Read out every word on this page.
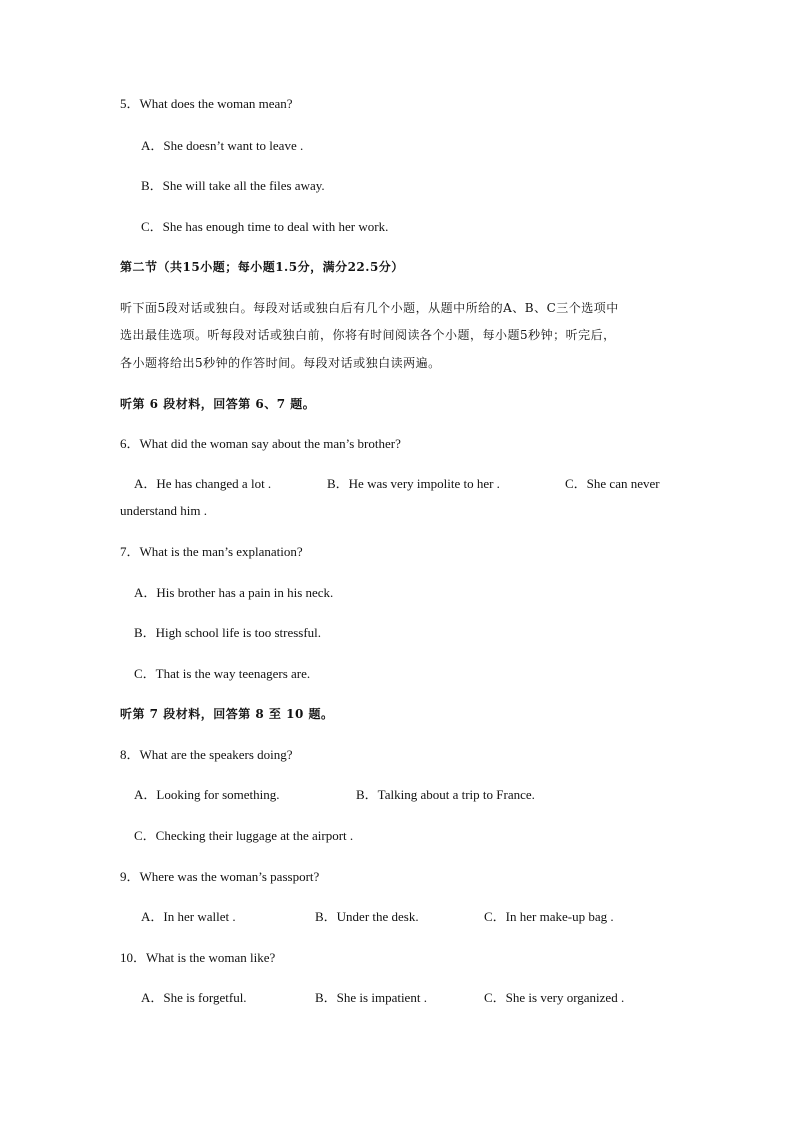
5．What does the woman mean?
A．She doesn’t want to leave .
B．She will take all the files away.
C．She has enough time to deal with her work.
第二节（共15小题；每小题1.5分，满分22.5分）
听下面5段对话或独白。每段对话或独白后有几个小题，从题中所给的A、B、C三个选项中
选出最佳选项。听每段对话或独白前，你将有时间阅读各个小题，每小题5秒钟；听完后，
各小题将给出5秒钟的作答时间。每段对话或独白读两遍。
听第 6 段材料，回答第 6、7 题。
6．What did the woman say about the man’s brother?
A．He has changed a lot .	B．He was very impolite to her .	C．She can never
understand him .
7．What is the man’s explanation?
A．His brother has a pain in his neck.
B．High school life is too stressful.
C．That is the way teenagers are.
听第 7 段材料，回答第 8 至 10 题。
8．What are the speakers doing?
A．Looking for something.	B．Talking about a trip to France.
C．Checking their luggage at the airport .
9．Where was the woman’s passport?
A．In her wallet .	B．Under the desk.	C．In her make-up bag .
10．What is the woman like?
A．She is forgetful.	B．She is impatient .	C．She is very organized .
